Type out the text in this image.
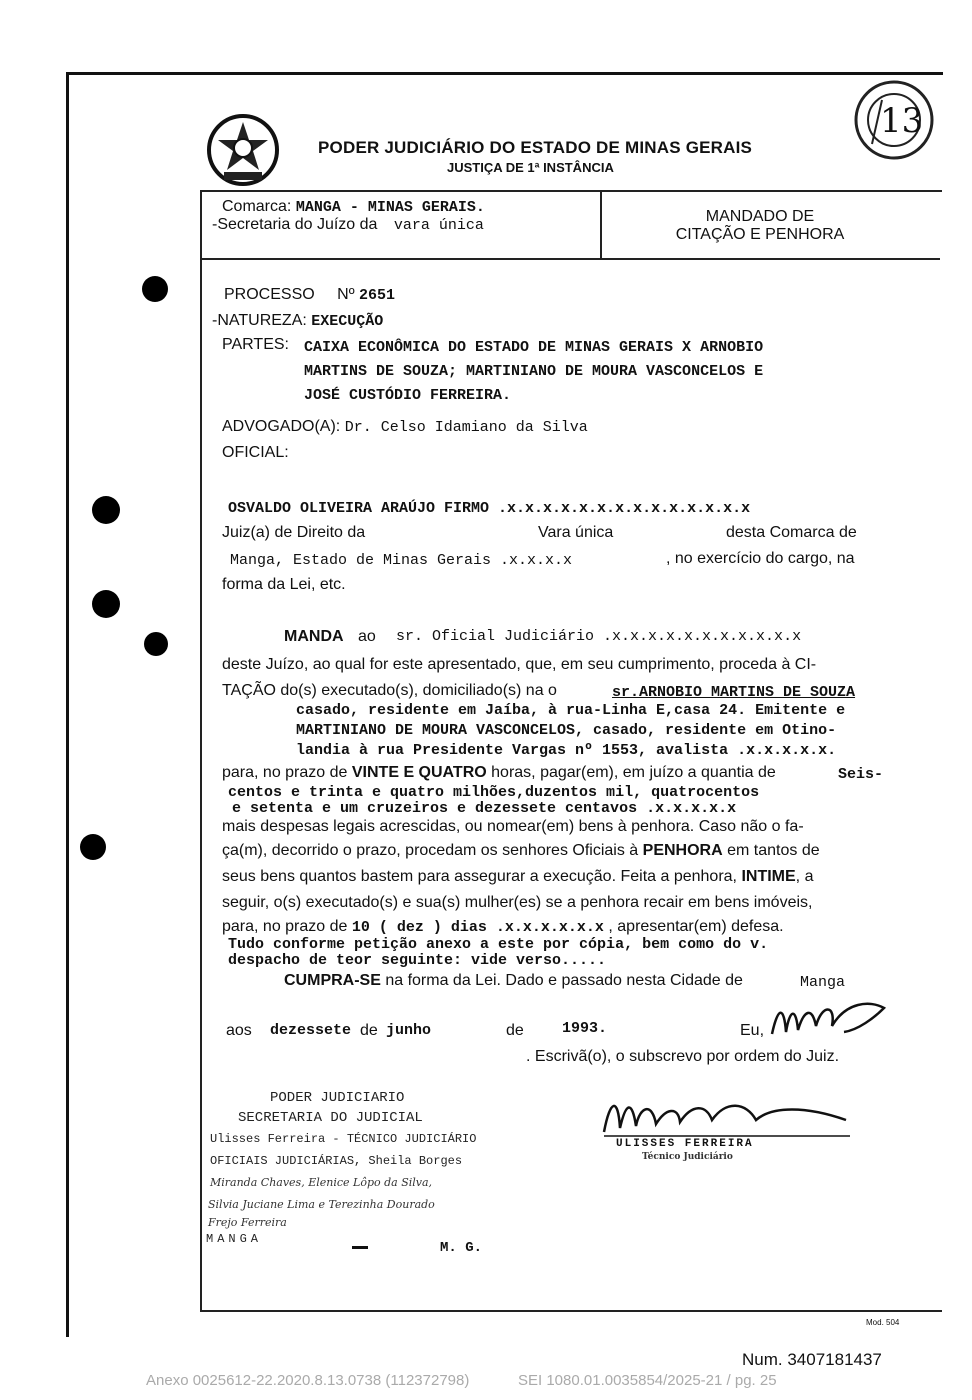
PODER JUDICIÁRIO DO ESTADO DE MINAS GERAIS
JUSTIÇA DE 1ª INSTÂNCIA
13
Comarca: MANGA - MINAS GERAIS.
-Secretaria do Juízo da vara única
MANDADO DE
CITAÇÃO E PENHORA
PROCESSO Nº 2651
-NATUREZA: EXECUÇÃO
PARTES: CAIXA ECONÔMICA DO ESTADO DE MINAS GERAIS X ARNOBIO
MARTINS DE SOUZA; MARTINIANO DE MOURA VASCONCELOS E
JOSÉ CUSTÓDIO FERREIRA.
ADVOGADO(A): Dr. Celso Idamiano da Silva
OFICIAL:
OSVALDO OLIVEIRA ARAÚJO FIRMO .x.x.x.x.x.x.x.x.x.x.x.x.x.x
Juiz(a) de Direito da	Vara única	desta Comarca de
Manga, Estado de Minas Gerais .x.x.x.x	, no exercício do cargo, na
forma da Lei, etc.
MANDA ao sr. Oficial Judiciário .x.x.x.x.x.x.x.x.x.x.x
deste Juízo, ao qual for este apresentado, que, em seu cumprimento, proceda à CI-
TAÇÃO do(s) executado(s), domiciliado(s) na o	sr.ARNOBIO MARTINS DE SOUZA
casado, residente em Jaíba, à rua-Linha E,casa 24. Emitente e
MARTINIANO DE MOURA VASCONCELOS, casado, residente em Otino-
landia à rua Presidente Vargas nº 1553, avalista .x.x.x.x.x.
para, no prazo de VINTE E QUATRO horas, pagar(em), em juízo a quantia de	Seis-
centos e trinta e quatro milhões,duzentos mil, quatrocentos
e setenta e um cruzeiros e dezessete centavos .x.x.x.x.x
mais despesas legais acrescidas, ou nomear(em) bens à penhora. Caso não o fa-
ça(m), decorrido o prazo, procedam os senhores Oficiais à PENHORA em tantos de
seus bens quantos bastem para assegurar a execução. Feita a penhora, INTIME, a
seguir, o(s) executado(s) e sua(s) mulher(es) se a penhora recair em bens imóveis,
para, no prazo de 10 ( dez ) dias .x.x.x.x.x.x , apresentar(em) defesa.
Tudo conforme petição anexo a este por cópia, bem como do v.
despacho de teor seguinte: vide verso.....
CUMPRA-SE na forma da Lei. Dado e passado nesta Cidade de	Manga
aos dezessete de junho	de	1993.	Eu,
. Escrivã(o), o subscrevo por ordem do Juiz.
PODER JUDICIARIO
SECRETARIA DO JUDICIAL
Ulisses Ferreira - TÉCNICO JUDICIÁRIO
OFICIAIS JUDICIÁRIAS, Sheila Borges
Miranda Chaves, Elenice Lôpo da Silva,
Silvia Juciane Lima e Terezinha Dourado
Frejo Ferreira
MANGA
M. G.
ULISSES FERREIRA
Técnico Judiciário
Mod. 504
Num. 3407181437
Anexo 0025612-22.2020.8.13.0738 (112372798)	SEI 1080.01.0035854/2025-21 / pg. 25
